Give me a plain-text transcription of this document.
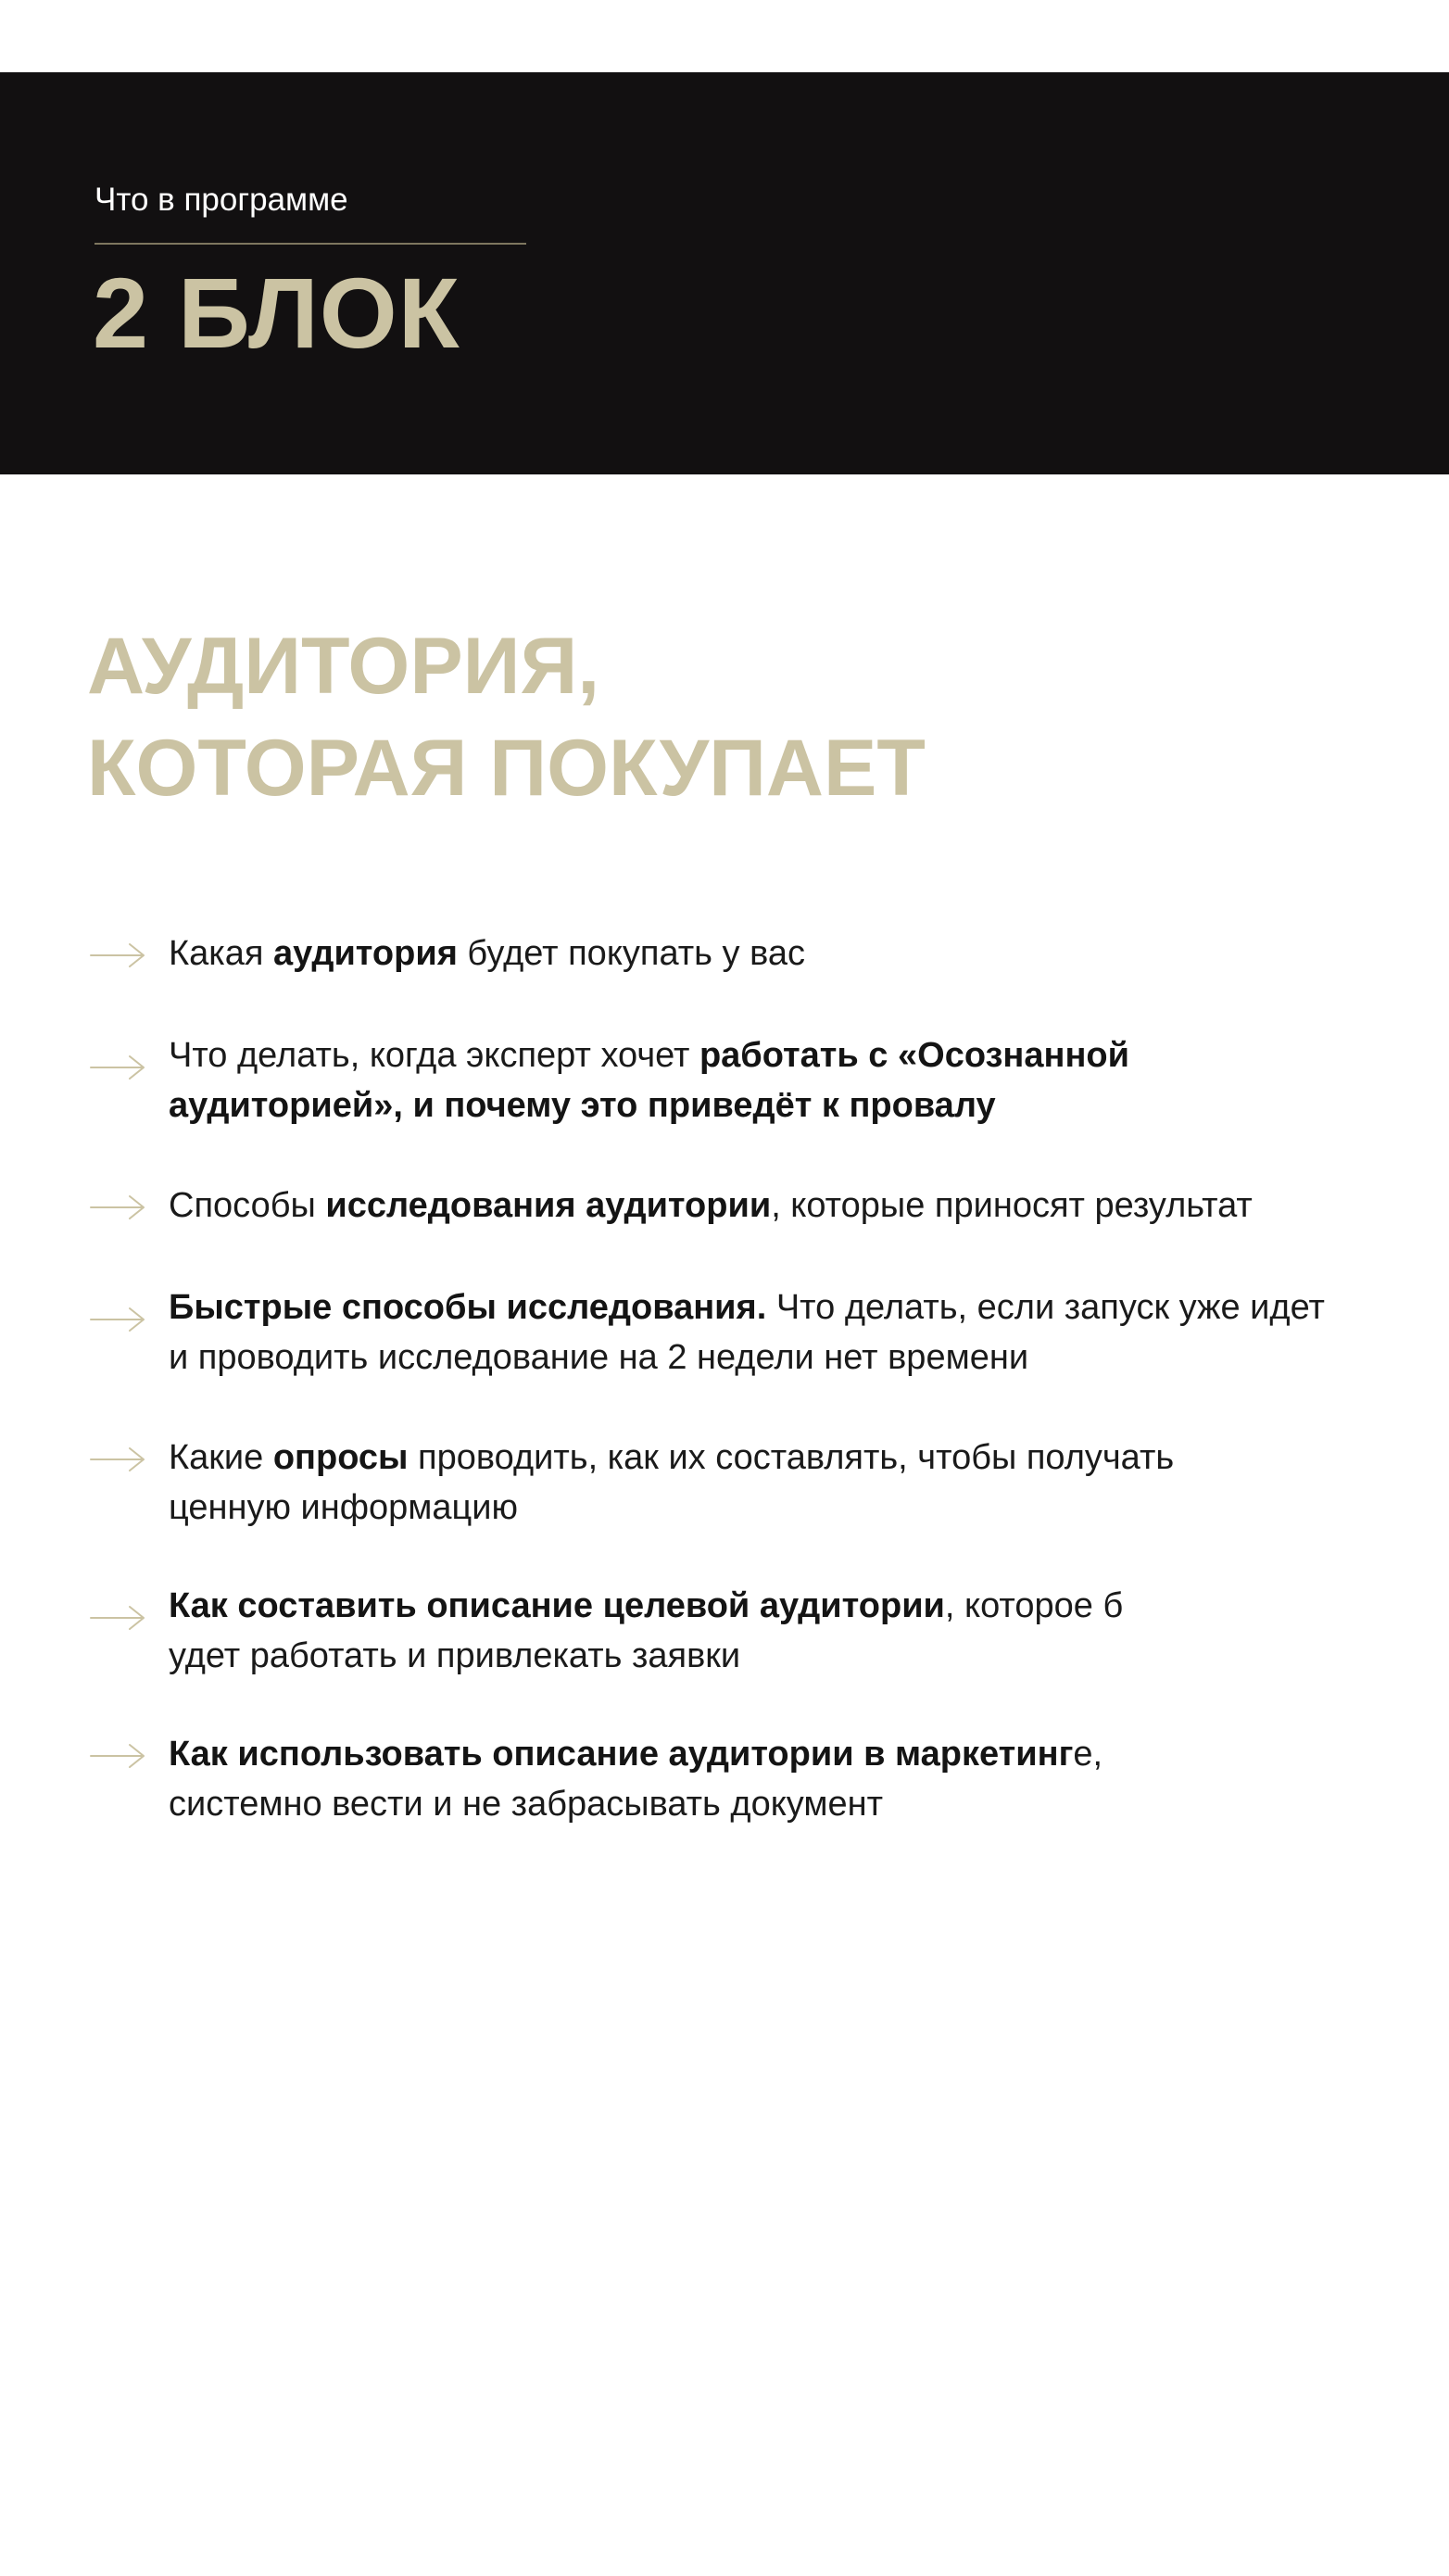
Что в программе
2 БЛОК
АУДИТОРИЯ,
КОТОРАЯ ПОКУПАЕТ
Какая аудитория будет покупать у вас
Что делать, когда эксперт хочет работать с «Осознанной
аудиторией», и почему это приведёт к провалу
Способы исследования аудитории, которые приносят результат
Быстрые способы исследования. Что делать, если запуск уже идет
и проводить исследование на 2 недели нет времени
Какие опросы проводить, как их составлять, чтобы получать
ценную информацию
Как составить описание целевой аудитории, которое б
удет работать и привлекать заявки
Как использовать описание аудитории в маркетинге,
системно вести и не забрасывать документ
